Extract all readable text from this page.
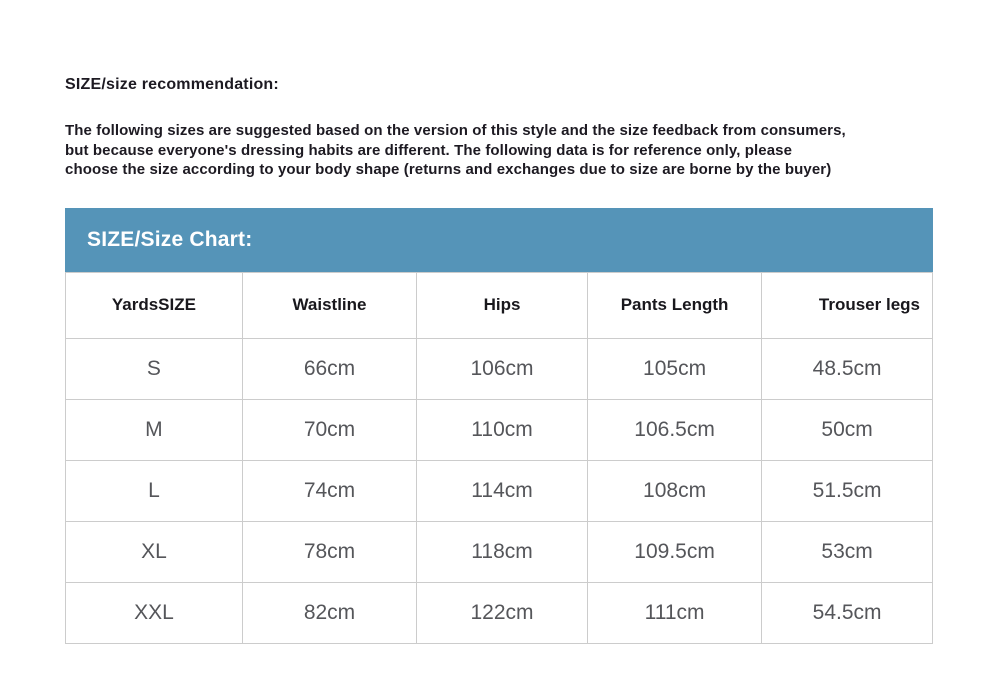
SIZE/size recommendation:
The following sizes are suggested based on the version of this style and the size feedback from consumers,
but because everyone's dressing habits are different. The following data is for reference only, please
choose the size according to your body shape (returns and exchanges due to size are borne by the buyer)
SIZE/Size Chart:
YardsSIZE	Waistline	Hips	Pants Length	Trouser legs
S	66cm	106cm	105cm	48.5cm
M	70cm	110cm	106.5cm	50cm
L	74cm	114cm	108cm	51.5cm
XL	78cm	118cm	109.5cm	53cm
XXL	82cm	122cm	111cm	54.5cm
